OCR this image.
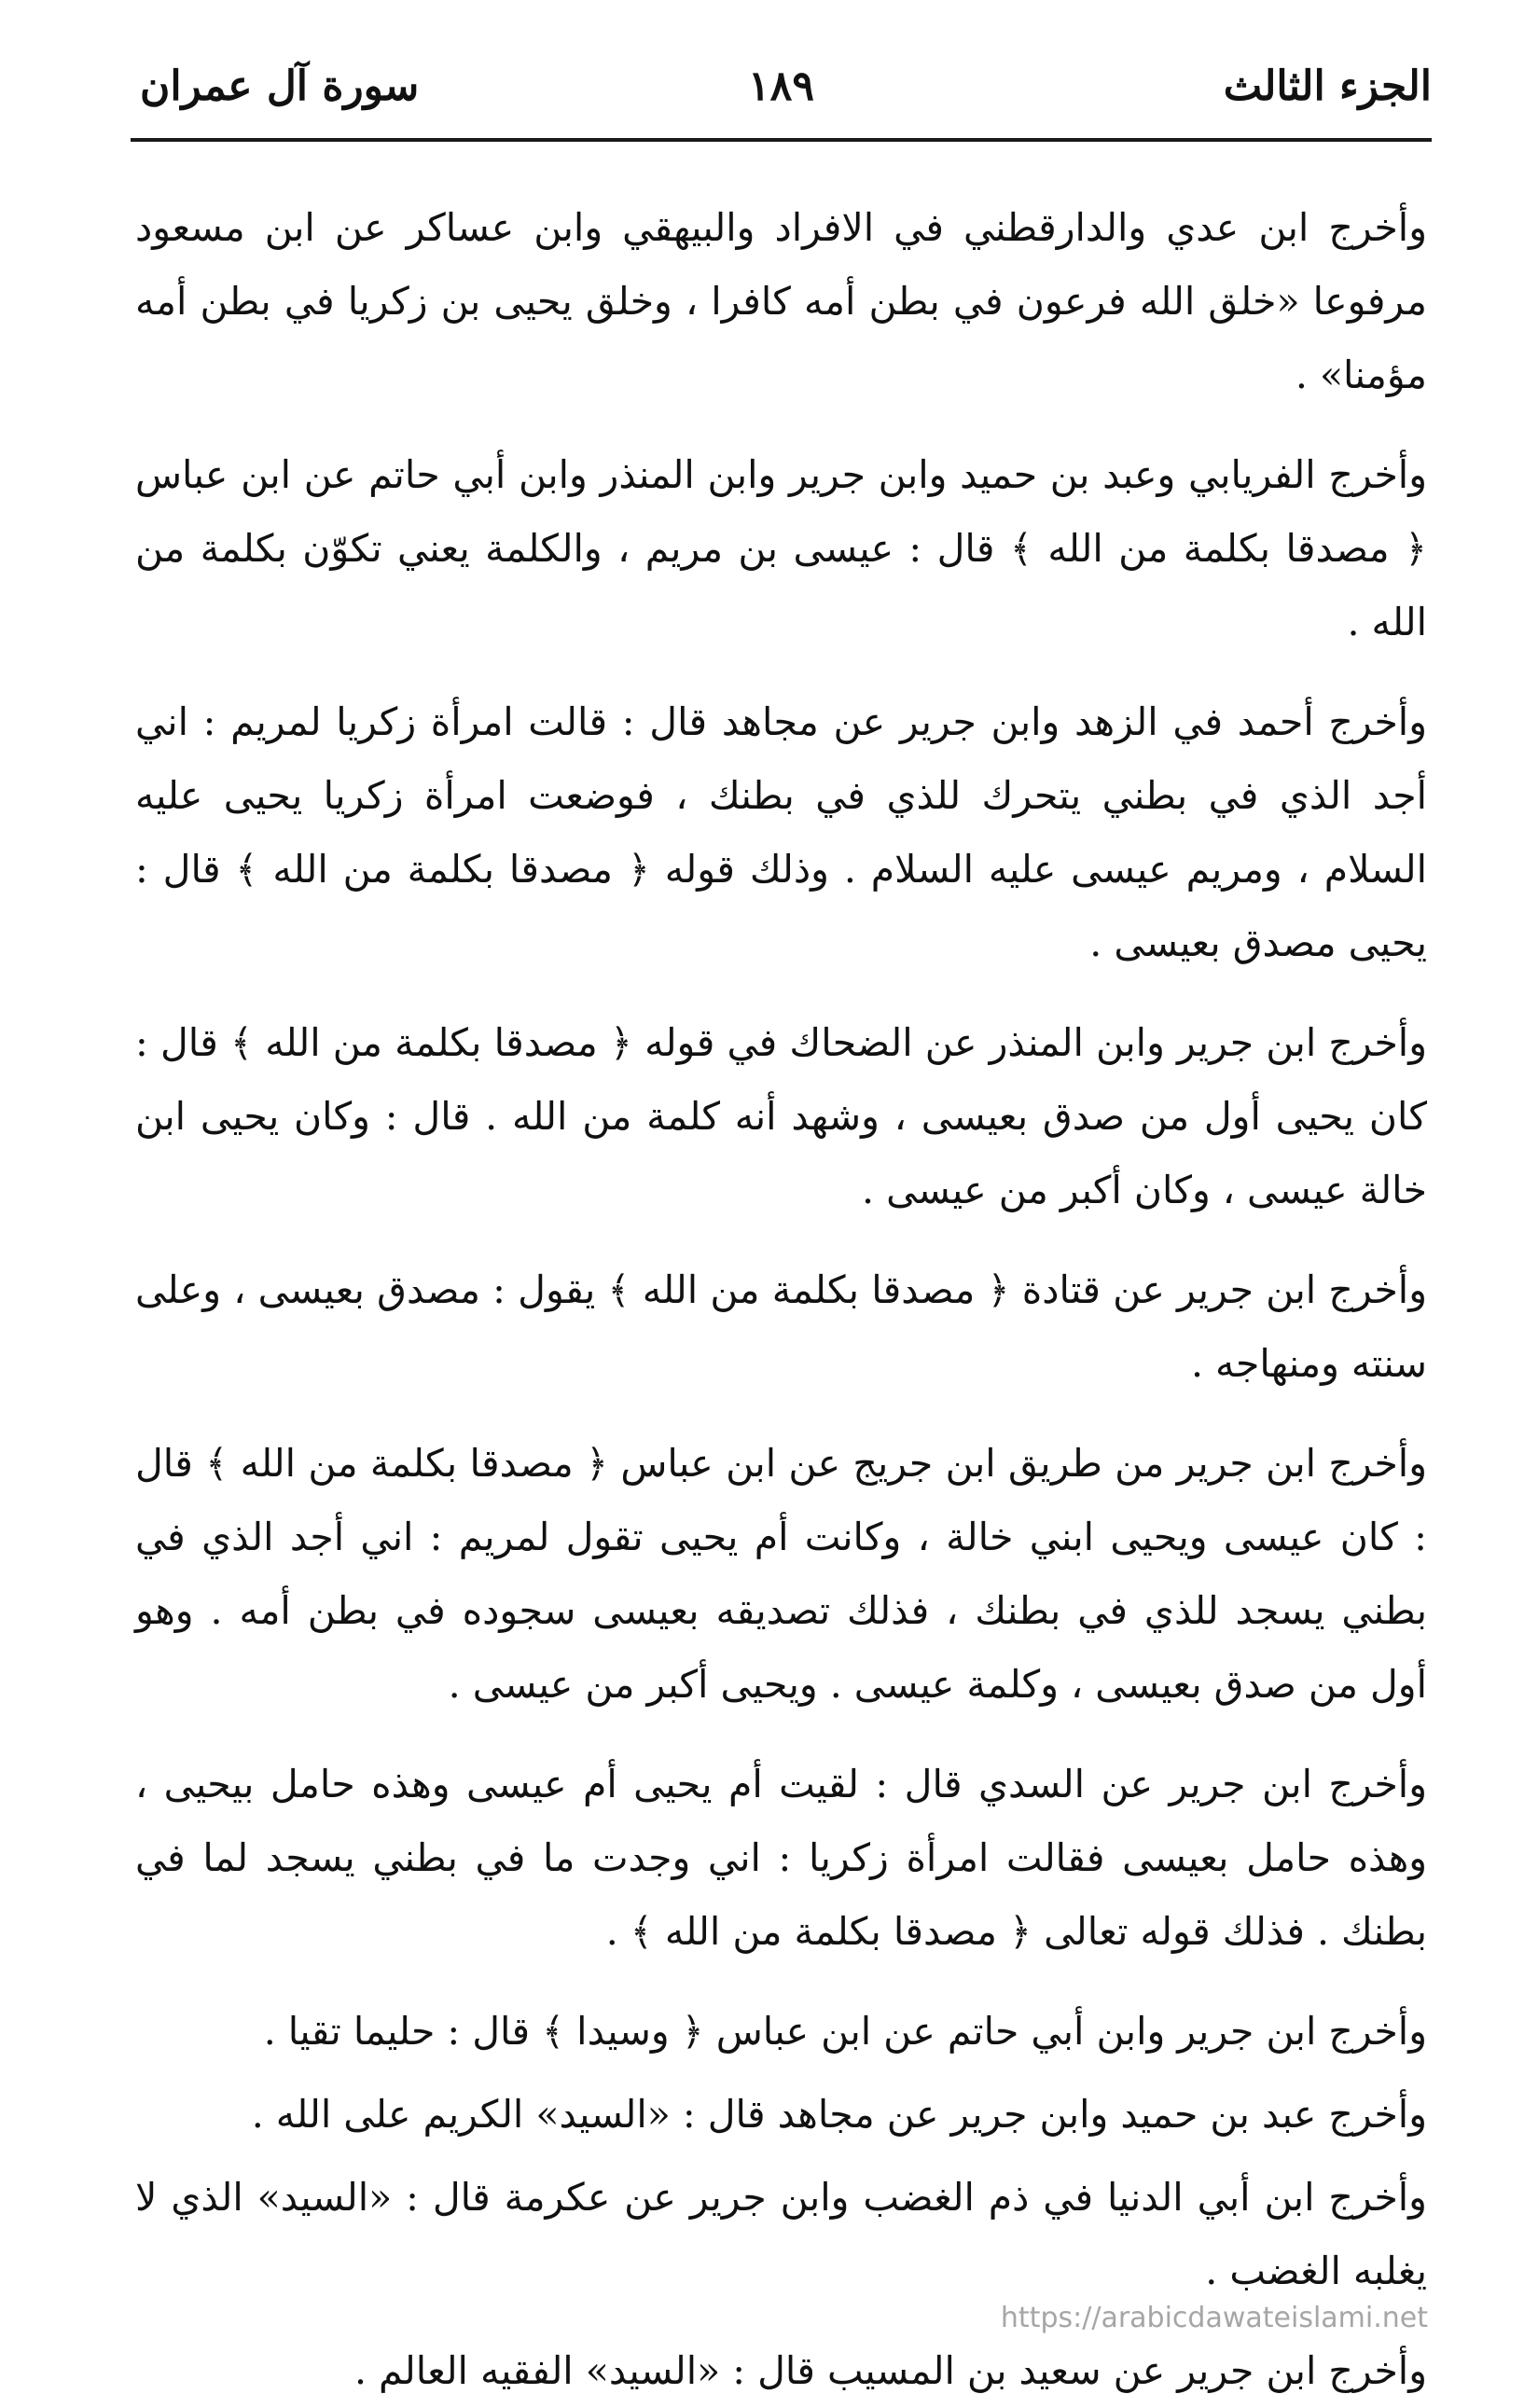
الجزء الثالث
١٨٩
سورة آل عمران

وأخرج ابن عدي والدارقطني في الافراد والبيهقي وابن عساكر عن ابن مسعود مرفوعا «خلق الله فرعون في بطن أمه كافرا ، وخلق يحيى بن زكريا في بطن أمه مؤمنا» .

وأخرج الفريابي وعبد بن حميد وابن جرير وابن المنذر وابن أبي حاتم عن ابن عباس ﴿ مصدقا بكلمة من الله ﴾ قال : عيسى بن مريم ، والكلمة يعني تكوّن بكلمة من الله .

وأخرج أحمد في الزهد وابن جرير عن مجاهد قال : قالت امرأة زكريا لمريم : اني أجد الذي في بطني يتحرك للذي في بطنك ، فوضعت امرأة زكريا يحيى عليه السلام ، ومريم عيسى عليه السلام . وذلك قوله ﴿ مصدقا بكلمة من الله ﴾ قال : يحيى مصدق بعيسى .

وأخرج ابن جرير وابن المنذر عن الضحاك في قوله ﴿ مصدقا بكلمة من الله ﴾ قال : كان يحيى أول من صدق بعيسى ، وشهد أنه كلمة من الله . قال : وكان يحيى ابن خالة عيسى ، وكان أكبر من عيسى .

وأخرج ابن جرير عن قتادة ﴿ مصدقا بكلمة من الله ﴾ يقول : مصدق بعيسى ، وعلى سنته ومنهاجه .

وأخرج ابن جرير من طريق ابن جريج عن ابن عباس ﴿ مصدقا بكلمة من الله ﴾ قال : كان عيسى ويحيى ابني خالة ، وكانت أم يحيى تقول لمريم : اني أجد الذي في بطني يسجد للذي في بطنك ، فذلك تصديقه بعيسى سجوده في بطن أمه . وهو أول من صدق بعيسى ، وكلمة عيسى . ويحيى أكبر من عيسى .

وأخرج ابن جرير عن السدي قال : لقيت أم يحيى أم عيسى وهذه حامل بيحيى ، وهذه حامل بعيسى فقالت امرأة زكريا : اني وجدت ما في بطني يسجد لما في بطنك . فذلك قوله تعالى ﴿ مصدقا بكلمة من الله ﴾ .

وأخرج ابن جرير وابن أبي حاتم عن ابن عباس ﴿ وسيدا ﴾ قال : حليما تقيا .

وأخرج عبد بن حميد وابن جرير عن مجاهد قال : «السيد» الكريم على الله .

وأخرج ابن أبي الدنيا في ذم الغضب وابن جرير عن عكرمة قال : «السيد» الذي لا يغلبه الغضب .

وأخرج ابن جرير عن سعيد بن المسيب قال : «السيد» الفقيه العالم .

https://arabicdawateislami.net
